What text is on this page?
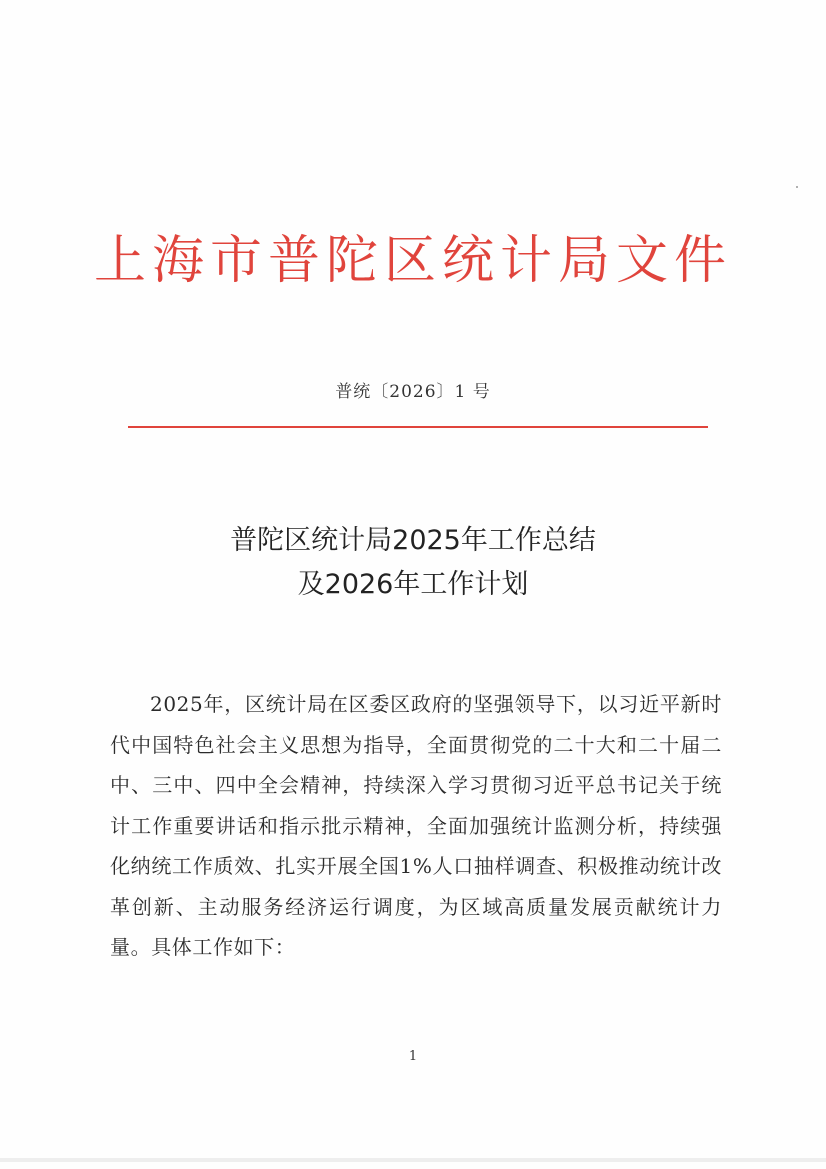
上海市普陀区统计局文件
普统〔2026〕1 号
普陀区统计局2025年工作总结
及2026年工作计划
2025年，区统计局在区委区政府的坚强领导下，以习近平新时代中国特色社会主义思想为指导，全面贯彻党的二十大和二十届二中、三中、四中全会精神，持续深入学习贯彻习近平总书记关于统计工作重要讲话和指示批示精神，全面加强统计监测分析，持续强化纳统工作质效、扎实开展全国1%人口抽样调查、积极推动统计改革创新、主动服务经济运行调度，为区域高质量发展贡献统计力量。具体工作如下：
1
